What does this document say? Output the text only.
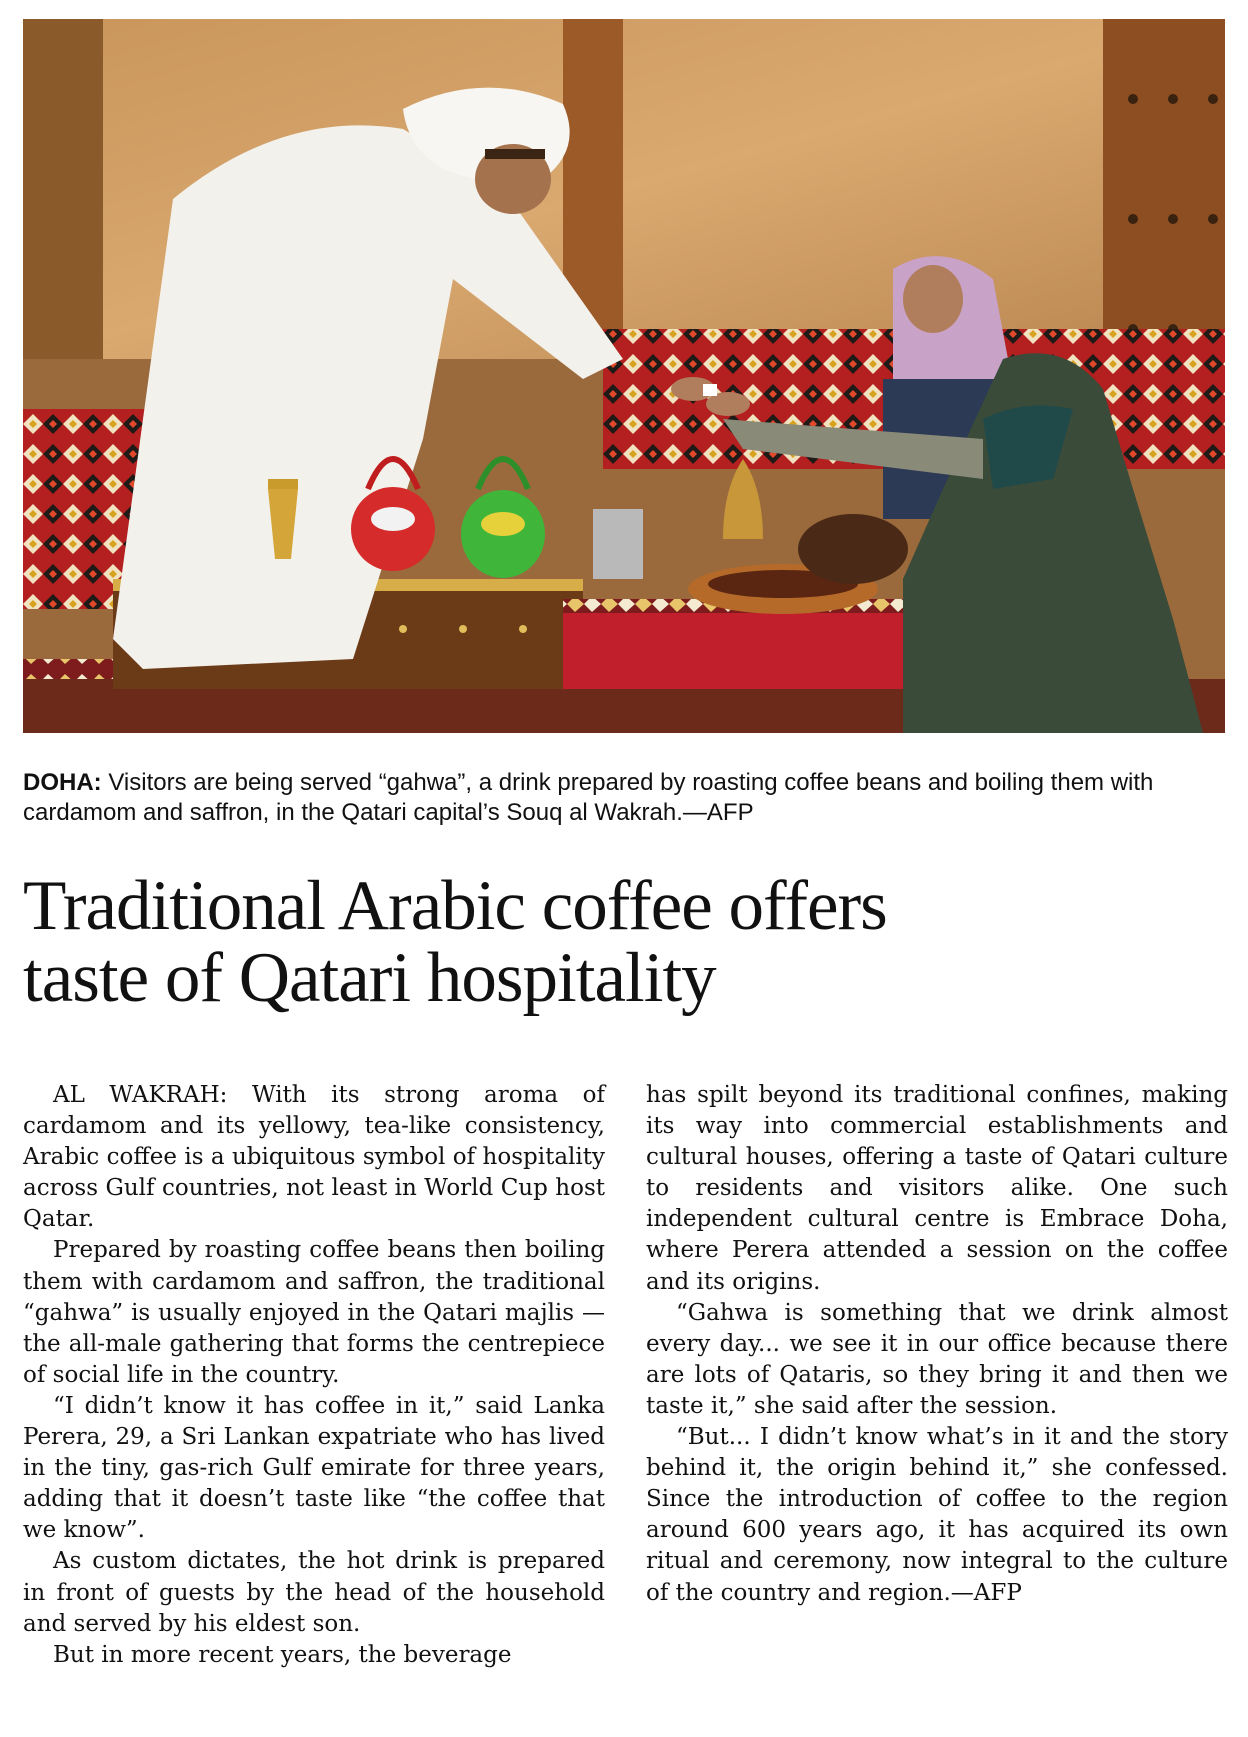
DOHA: Visitors are being served “gahwa”, a drink prepared by roasting coffee beans and boiling them with cardamom and saffron, in the Qatari capital’s Souq al Wakrah.—AFP
Traditional Arabic coffee offers
taste of Qatari hospitality

AL WAKRAH: With its strong aroma of cardamom and its yellowy, tea-like consistency, Arabic coffee is a ubiquitous symbol of hospitality across Gulf countries, not least in World Cup host Qatar.

Prepared by roasting coffee beans then boiling them with cardamom and saffron, the traditional “gahwa” is usually enjoyed in the Qatari majlis — the all-male gathering that forms the centrepiece of social life in the country.

“I didn’t know it has coffee in it,” said Lanka Perera, 29, a Sri Lankan expatriate who has lived in the tiny, gas-rich Gulf emirate for three years, adding that it doesn’t taste like “the coffee that we know”.

As custom dictates, the hot drink is prepared in front of guests by the head of the household and served by his eldest son.

But in more recent years, the beverage

has spilt beyond its traditional confines, making its way into commercial establishments and cultural houses, offering a taste of Qatari culture to residents and visitors alike. One such independent cultural centre is Embrace Doha, where Perera attended a session on the coffee and its origins.

“Gahwa is something that we drink almost every day... we see it in our office because there are lots of Qataris, so they bring it and then we taste it,” she said after the session.

“But... I didn’t know what’s in it and the story behind it, the origin behind it,” she confessed. Since the introduction of coffee to the region around 600 years ago, it has acquired its own ritual and ceremony, now integral to the culture of the country and region.—AFP
